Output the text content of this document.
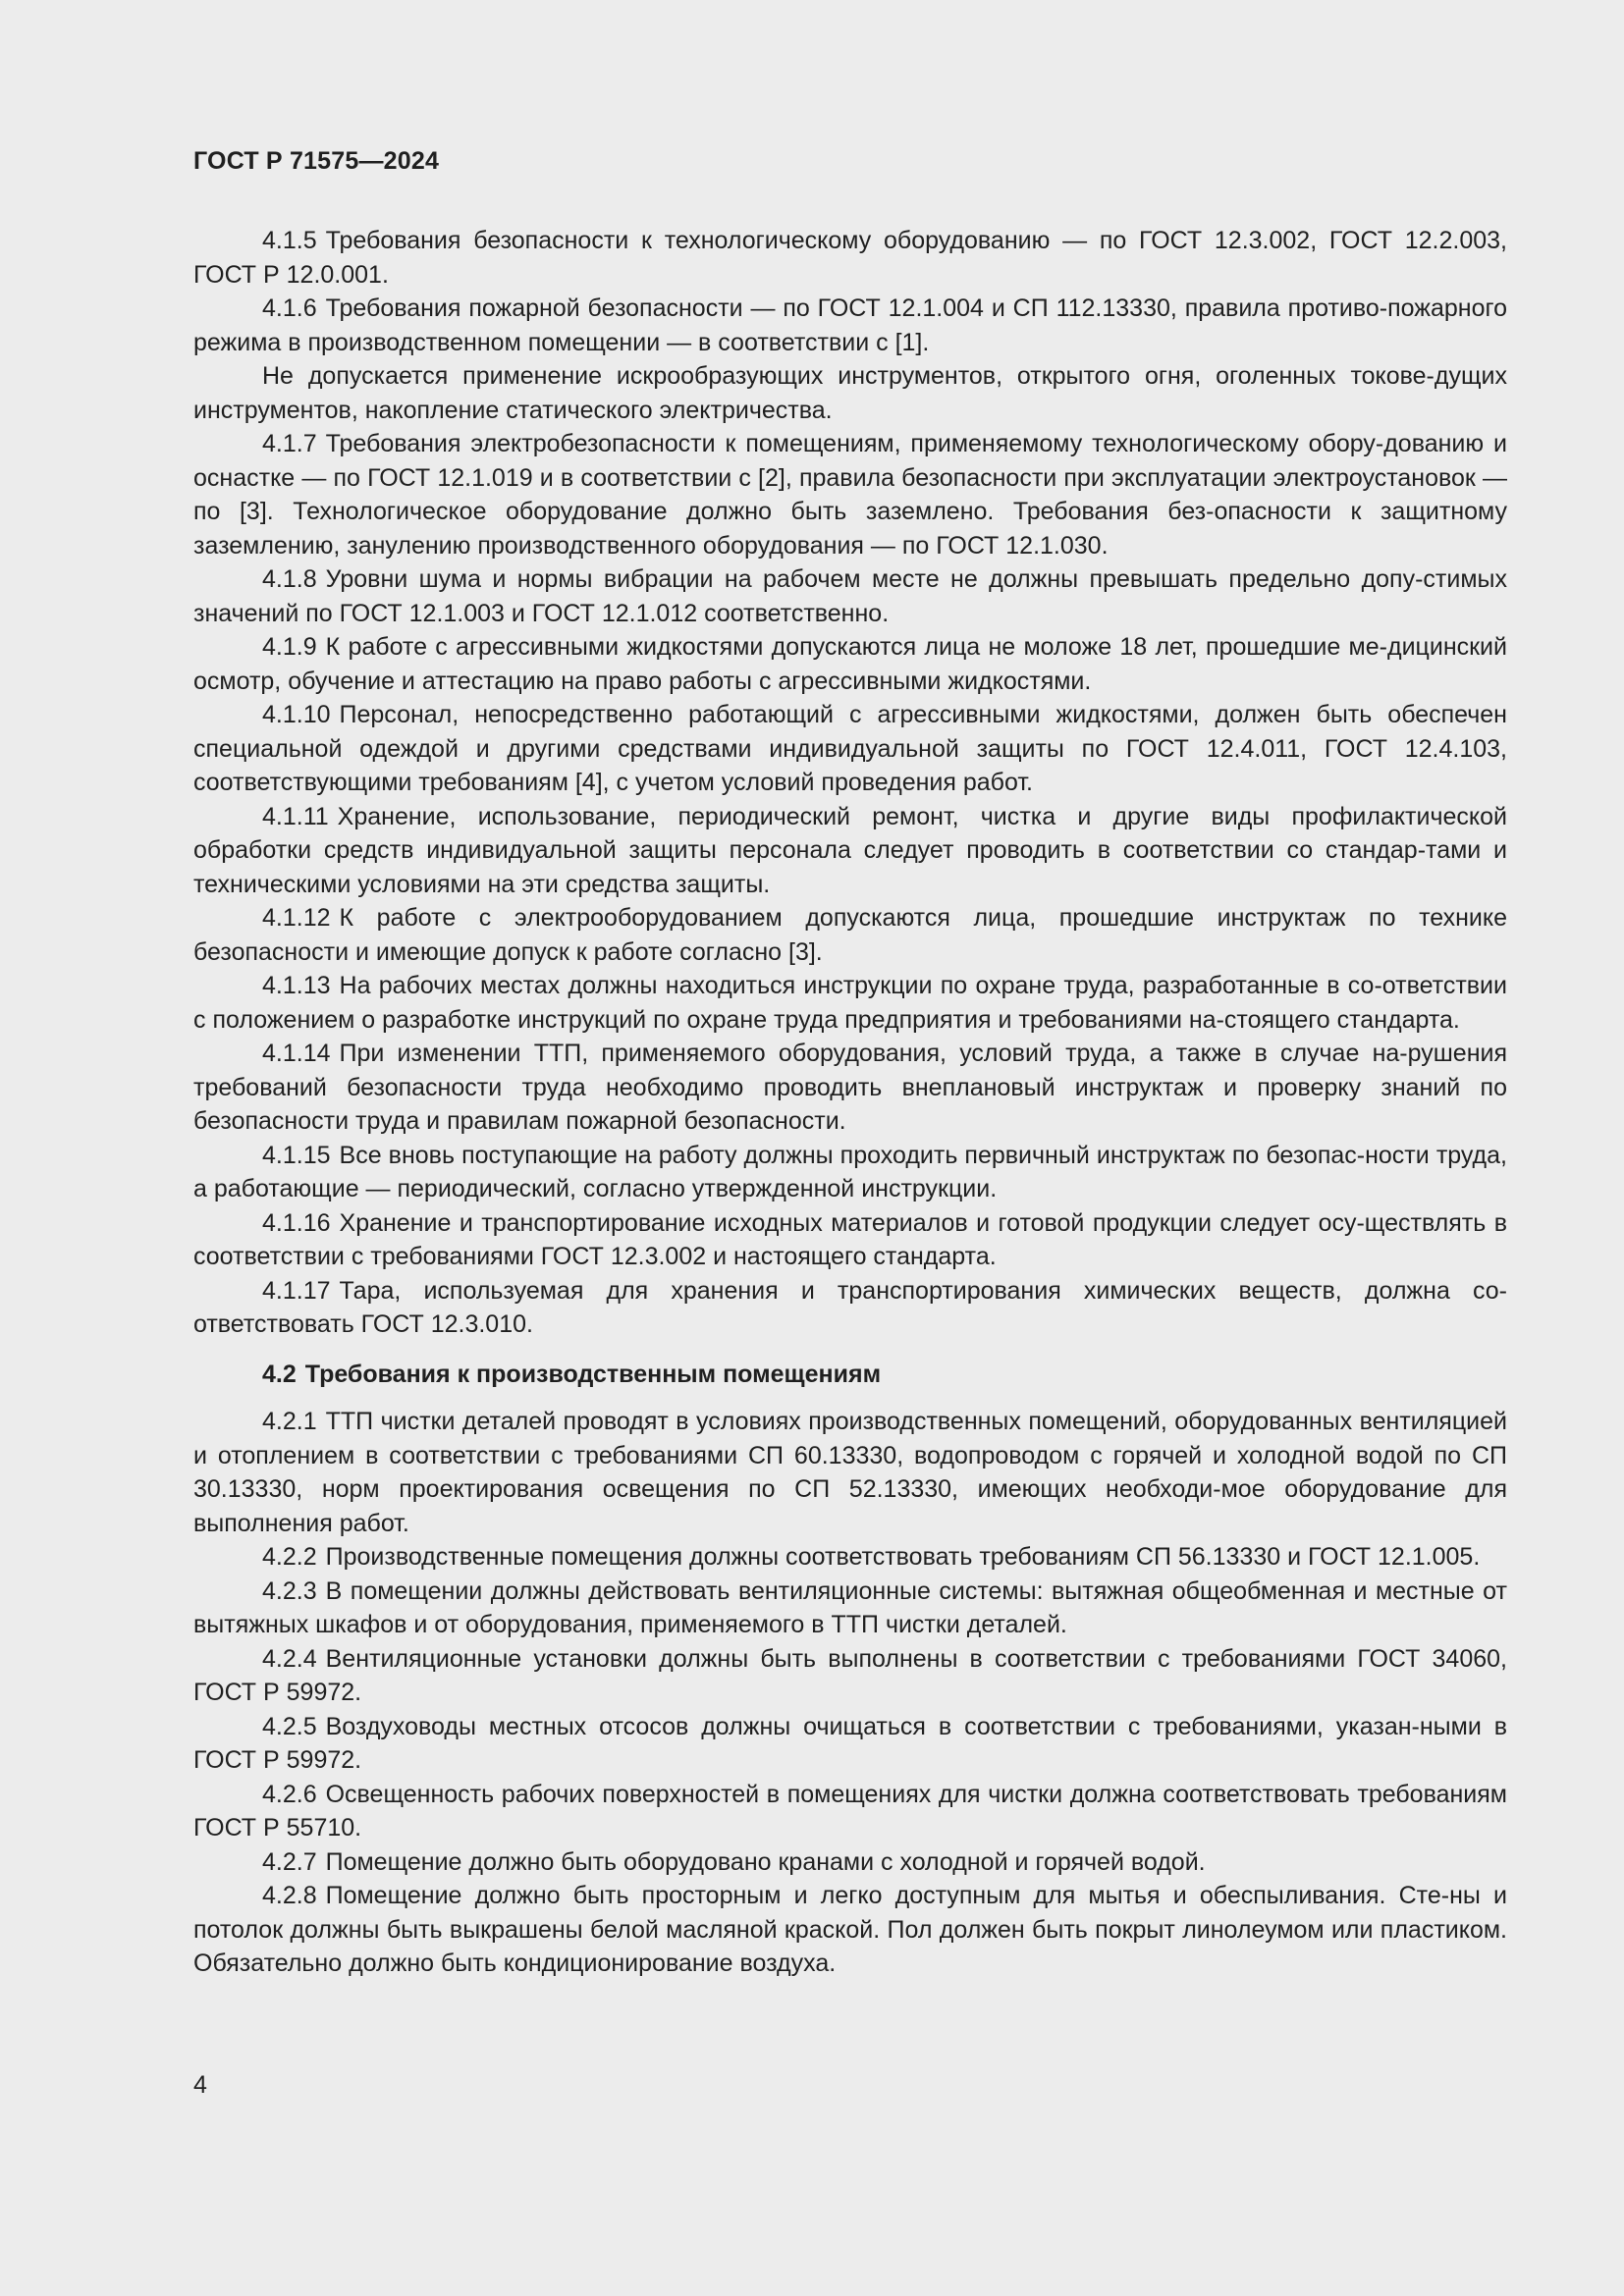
ГОСТ Р 71575—2024

4.1.5 Требования безопасности к технологическому оборудованию — по ГОСТ 12.3.002, ГОСТ 12.2.003, ГОСТ Р 12.0.001.

4.1.6 Требования пожарной безопасности — по ГОСТ 12.1.004 и СП 112.13330, правила противо-пожарного режима в производственном помещении — в соответствии с [1].

Не допускается применение искрообразующих инструментов, открытого огня, оголенных токове-дущих инструментов, накопление статического электричества.

4.1.7 Требования электробезопасности к помещениям, применяемому технологическому обору-дованию и оснастке — по ГОСТ 12.1.019 и в соответствии с [2], правила безопасности при эксплуатации электроустановок — по [3]. Технологическое оборудование должно быть заземлено. Требования без-опасности к защитному заземлению, занулению производственного оборудования — по ГОСТ 12.1.030.

4.1.8 Уровни шума и нормы вибрации на рабочем месте не должны превышать предельно допу-стимых значений по ГОСТ 12.1.003 и ГОСТ 12.1.012 соответственно.

4.1.9 К работе с агрессивными жидкостями допускаются лица не моложе 18 лет, прошедшие ме-дицинский осмотр, обучение и аттестацию на право работы с агрессивными жидкостями.

4.1.10 Персонал, непосредственно работающий с агрессивными жидкостями, должен быть обеспечен специальной одеждой и другими средствами индивидуальной защиты по ГОСТ 12.4.011, ГОСТ 12.4.103, соответствующими требованиям [4], с учетом условий проведения работ.

4.1.11 Хранение, использование, периодический ремонт, чистка и другие виды профилактической обработки средств индивидуальной защиты персонала следует проводить в соответствии со стандар-тами и техническими условиями на эти средства защиты.

4.1.12 К работе с электрооборудованием допускаются лица, прошедшие инструктаж по технике безопасности и имеющие допуск к работе согласно [3].

4.1.13 На рабочих местах должны находиться инструкции по охране труда, разработанные в со-ответствии с положением о разработке инструкций по охране труда предприятия и требованиями на-стоящего стандарта.

4.1.14 При изменении ТТП, применяемого оборудования, условий труда, а также в случае на-рушения требований безопасности труда необходимо проводить внеплановый инструктаж и проверку знаний по безопасности труда и правилам пожарной безопасности.

4.1.15 Все вновь поступающие на работу должны проходить первичный инструктаж по безопас-ности труда, а работающие — периодический, согласно утвержденной инструкции.

4.1.16 Хранение и транспортирование исходных материалов и готовой продукции следует осу-ществлять в соответствии с требованиями ГОСТ 12.3.002 и настоящего стандарта.

4.1.17 Тара, используемая для хранения и транспортирования химических веществ, должна со-ответствовать ГОСТ 12.3.010.

4.2 Требования к производственным помещениям

4.2.1 ТТП чистки деталей проводят в условиях производственных помещений, оборудованных вентиляцией и отоплением в соответствии с требованиями СП 60.13330, водопроводом с горячей и холодной водой по СП 30.13330, норм проектирования освещения по СП 52.13330, имеющих необходи-мое оборудование для выполнения работ.

4.2.2 Производственные помещения должны соответствовать требованиям СП 56.13330 и ГОСТ 12.1.005.

4.2.3 В помещении должны действовать вентиляционные системы: вытяжная общеобменная и местные от вытяжных шкафов и от оборудования, применяемого в ТТП чистки деталей.

4.2.4 Вентиляционные установки должны быть выполнены в соответствии с требованиями ГОСТ 34060, ГОСТ Р 59972.

4.2.5 Воздуховоды местных отсосов должны очищаться в соответствии с требованиями, указан-ными в ГОСТ Р 59972.

4.2.6 Освещенность рабочих поверхностей в помещениях для чистки должна соответствовать требованиям ГОСТ Р 55710.

4.2.7 Помещение должно быть оборудовано кранами с холодной и горячей водой.

4.2.8 Помещение должно быть просторным и легко доступным для мытья и обеспыливания. Сте-ны и потолок должны быть выкрашены белой масляной краской. Пол должен быть покрыт линолеумом или пластиком. Обязательно должно быть кондиционирование воздуха.

4
